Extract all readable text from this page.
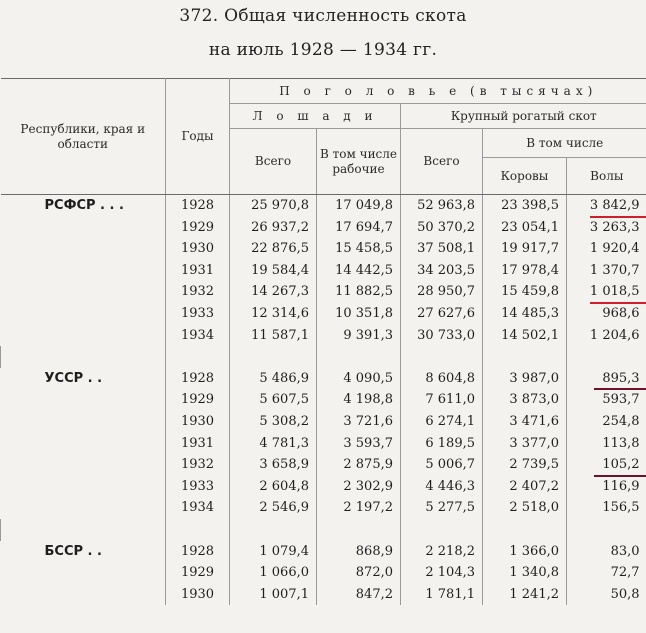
372. Общая численность скота
на июль 1928 — 1934 гг.
Республики, края и области	Годы	П о г о л о в ь е (в тысячах)				
		Л о ш а д и		Крупный рогатый скот		
		Всего	В том числе рабочие	Всего	В том числе	
					Коровы	Волы
РСФСР . . .	1928	25 970,8	17 049,8	52 963,8	23 398,5	3 842,9
	1929	26 937,2	17 694,7	50 370,2	23 054,1	3 263,3
	1930	22 876,5	15 458,5	37 508,1	19 917,7	1 920,4
	1931	19 584,4	14 442,5	34 203,5	17 978,4	1 370,7
	1932	14 267,3	11 882,5	28 950,7	15 459,8	1 018,5
	1933	12 314,6	10 351,8	27 627,6	14 485,3	968,6
	1934	11 587,1	9 391,3	30 733,0	14 502,1	1 204,6

УССР . .	1928	5 486,9	4 090,5	8 604,8	3 987,0	895,3
	1929	5 607,5	4 198,8	7 611,0	3 873,0	593,7
	1930	5 308,2	3 721,6	6 274,1	3 471,6	254,8
	1931	4 781,3	3 593,7	6 189,5	3 377,0	113,8
	1932	3 658,9	2 875,9	5 006,7	2 739,5	105,2
	1933	2 604,8	2 302,9	4 446,3	2 407,2	116,9
	1934	2 546,9	2 197,2	5 277,5	2 518,0	156,5

БССР . .	1928	1 079,4	868,9	2 218,2	1 366,0	83,0
	1929	1 066,0	872,0	2 104,3	1 340,8	72,7
	1930	1 007,1	847,2	1 781,1	1 241,2	50,8
